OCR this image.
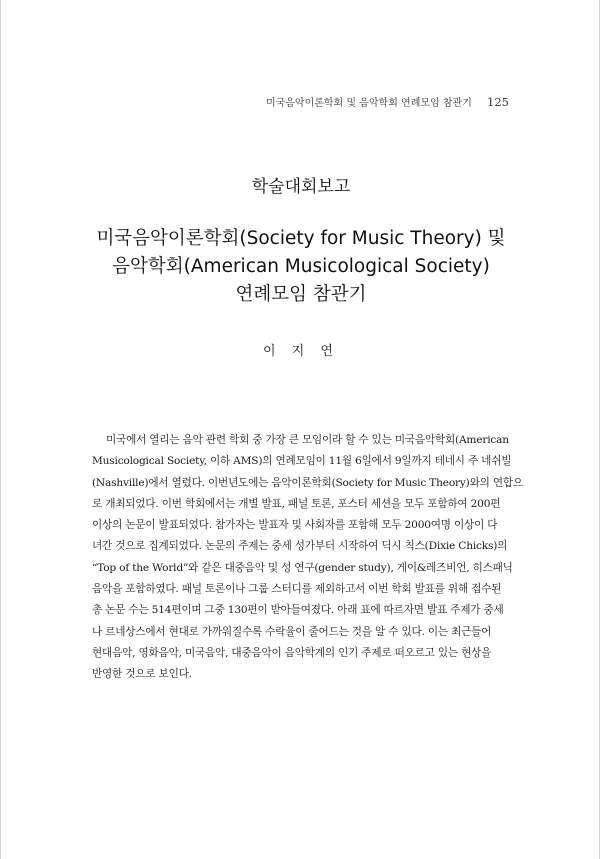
미국음악이론학회 및 음악학회 연례모임 참관기 125
학술대회보고
미국음악이론학회(Society for Music Theory) 및
음악학회(American Musicological Society)
연례모임 참관기
이 지 연
미국에서 열리는 음악 관련 학회 중 가장 큰 모임이라 할 수 있는 미국음악학회(American
Musicological Society, 이하 AMS)의 연례모임이 11월 6일에서 9일까지 테네시 주 네쉬빌
(Nashville)에서 열렸다. 이번년도에는 음악이론학회(Society for Music Theory)와의 연합으
로 개최되었다. 이번 학회에서는 개별 발표, 패널 토론, 포스터 세션을 모두 포함하여 200편
이상의 논문이 발표되었다. 참가자는 발표자 및 사회자를 포함해 모두 2000여명 이상이 다
녀간 것으로 집계되었다. 논문의 주제는 중세 성가부터 시작하여 딕시 칙스(Dixie Chicks)의
“Top of the World”와 같은 대중음악 및 성 연구(gender study), 게이&레즈비언, 히스패닉
음악을 포함하였다. 패널 토론이나 그룹 스터디를 제외하고서 이번 학회 발표를 위해 접수된
총 논문 수는 514편이며 그중 130편이 받아들여졌다. 아래 표에 따르자면 발표 주제가 중세
나 르네상스에서 현대로 가까워질수록 수락율이 줄어드는 것을 알 수 있다. 이는 최근들어
현대음악, 영화음악, 미국음악, 대중음악이 음악학계의 인기 주제로 떠오르고 있는 현상을
반영한 것으로 보인다.
